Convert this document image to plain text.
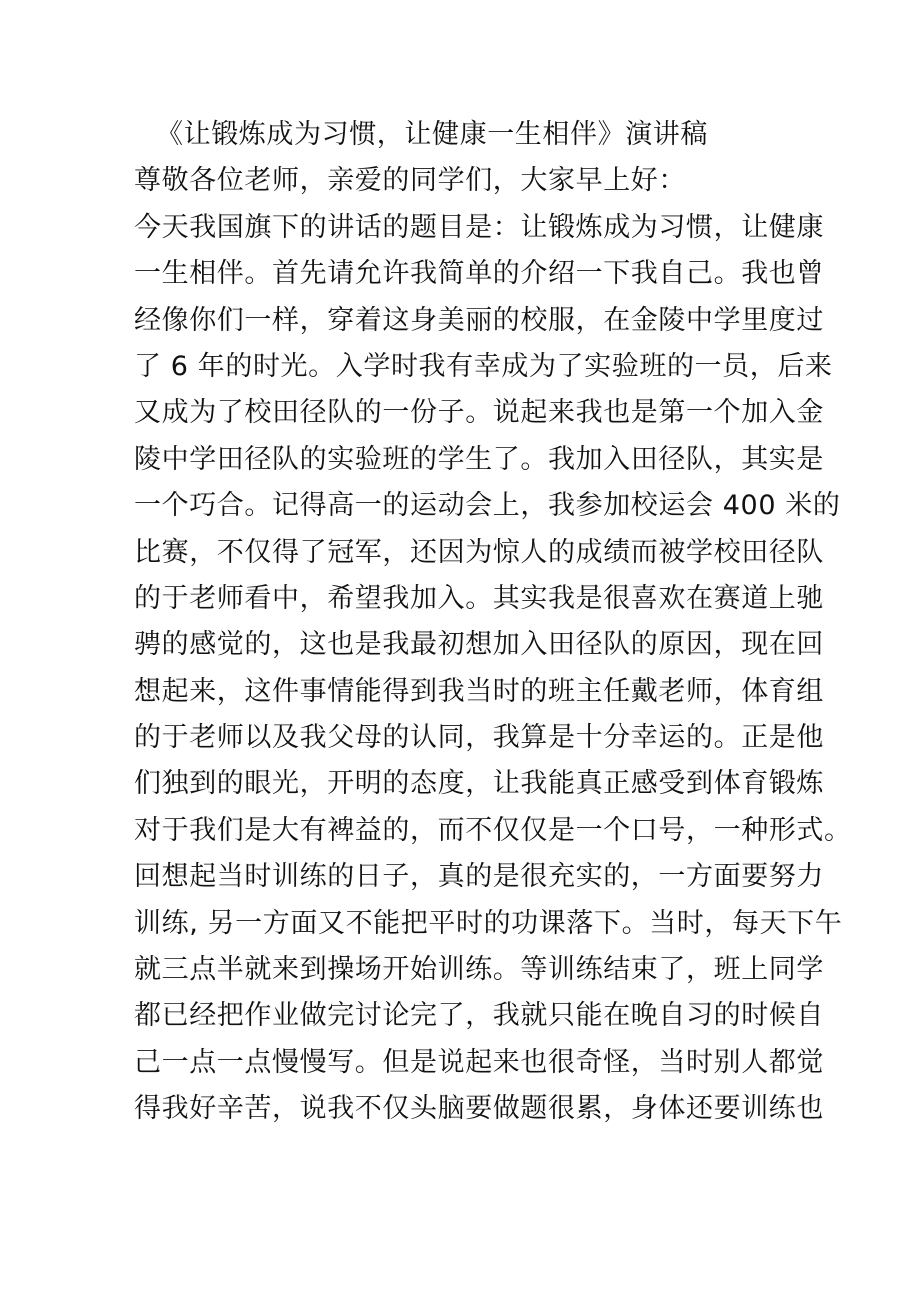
《让锻炼成为习惯，让健康一生相伴》演讲稿
尊敬各位老师，亲爱的同学们，大家早上好：
今天我国旗下的讲话的题目是：让锻炼成为习惯，让健康
一生相伴。首先请允许我简单的介绍一下我自己。我也曾
经像你们一样，穿着这身美丽的校服，在金陵中学里度过
了 6 年的时光。入学时我有幸成为了实验班的一员，后来
又成为了校田径队的一份子。说起来我也是第一个加入金
陵中学田径队的实验班的学生了。我加入田径队，其实是
一个巧合。记得高一的运动会上，我参加校运会 400 米的
比赛，不仅得了冠军，还因为惊人的成绩而被学校田径队
的于老师看中，希望我加入。其实我是很喜欢在赛道上驰
骋的感觉的，这也是我最初想加入田径队的原因，现在回
想起来，这件事情能得到我当时的班主任戴老师，体育组
的于老师以及我父母的认同，我算是十分幸运的。正是他
们独到的眼光，开明的态度，让我能真正感受到体育锻炼
对于我们是大有裨益的，而不仅仅是一个口号，一种形式。
回想起当时训练的日子，真的是很充实的，一方面要努力
训练, 另一方面又不能把平时的功课落下。当时，每天下午
就三点半就来到操场开始训练。等训练结束了，班上同学
都已经把作业做完讨论完了，我就只能在晚自习的时候自
己一点一点慢慢写。但是说起来也很奇怪，当时别人都觉
得我好辛苦，说我不仅头脑要做题很累，身体还要训练也
